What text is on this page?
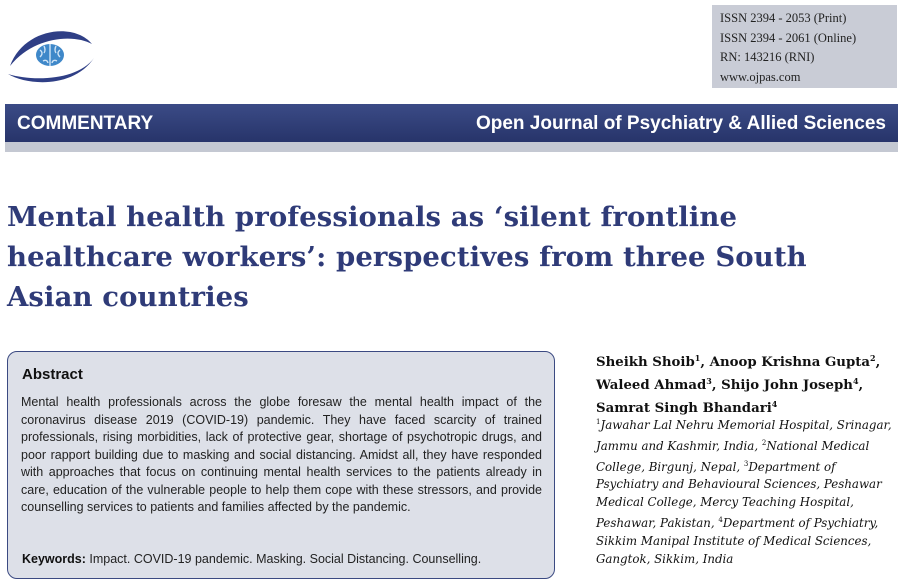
ISSN 2394 - 2053 (Print)
ISSN 2394 - 2061 (Online)
RN: 143216 (RNI)
www.ojpas.com
COMMENTARY	Open Journal of Psychiatry & Allied Sciences
Mental health professionals as ‘silent frontline healthcare workers’: perspectives from three South Asian countries
Abstract

Mental health professionals across the globe foresaw the mental health impact of the coronavirus disease 2019 (COVID-19) pandemic. They have faced scarcity of trained professionals, rising morbidities, lack of protective gear, shortage of psychotropic drugs, and poor rapport building due to masking and social distancing. Amidst all, they have responded with approaches that focus on continuing mental health services to the patients already in care, education of the vulnerable people to help them cope with these stressors, and provide counselling services to patients and families affected by the pandemic.

Keywords: Impact. COVID-19 pandemic. Masking. Social Distancing. Counselling.

Sheikh Shoib$^1$, Anoop Krishna Gupta$^2$,
Waleed Ahmad$^3$, Shijo John Joseph$^4$,
Samrat Singh Bhandari$^4$

$^1$Jawahar Lal Nehru Memorial Hospital, Srinagar, Jammu and Kashmir, India, $^2$National Medical College, Birgunj, Nepal, $^3$Department of Psychiatry and Behavioural Sciences, Peshawar Medical College, Mercy Teaching Hospital, Peshawar, Pakistan, $^4$Department of Psychiatry, Sikkim Manipal Institute of Medical Sciences, Gangtok, Sikkim, India
